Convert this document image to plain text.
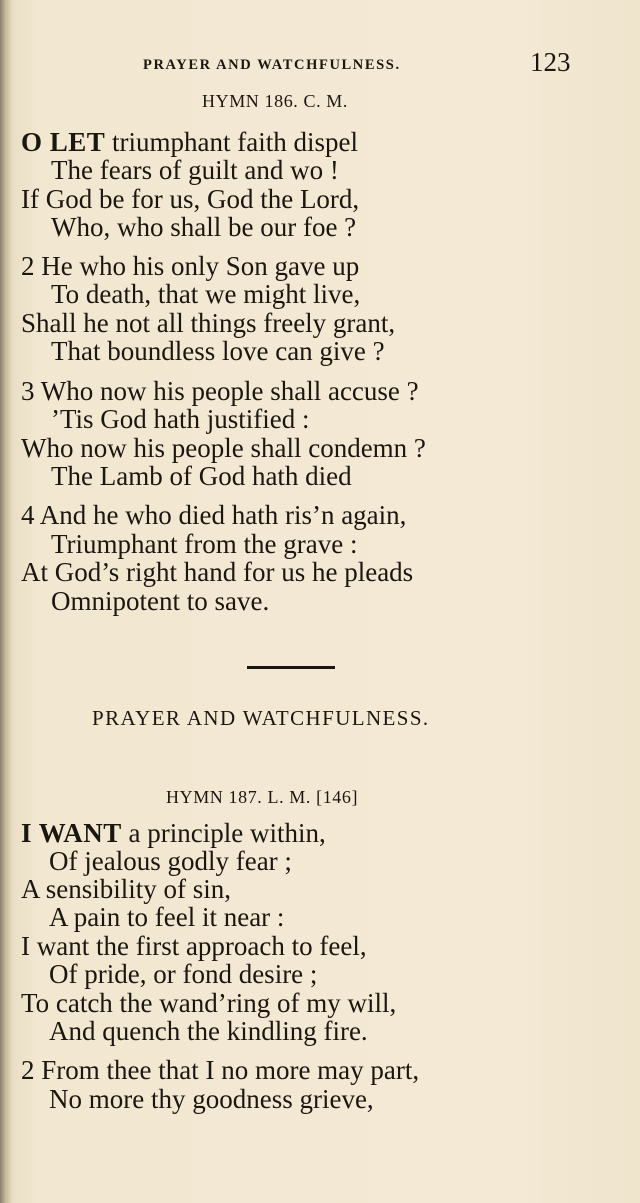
PRAYER AND WATCHFULNESS.	123
HYMN 186. C. M.
O LET triumphant faith dispel
The fears of guilt and wo !
If God be for us, God the Lord,
Who, who shall be our foe ?
2 He who his only Son gave up
To death, that we might live,
Shall he not all things freely grant,
That boundless love can give ?
3 Who now his people shall accuse ?
’Tis God hath justified :
Who now his people shall condemn ?
The Lamb of God hath died
4 And he who died hath ris’n again,
Triumphant from the grave :
At God’s right hand for us he pleads
Omnipotent to save.
PRAYER AND WATCHFULNESS.
HYMN 187. L. M. [146]
I WANT a principle within,
Of jealous godly fear ;
A sensibility of sin,
A pain to feel it near :
I want the first approach to feel,
Of pride, or fond desire ;
To catch the wand’ring of my will,
And quench the kindling fire.
2 From thee that I no more may part,
No more thy goodness grieve,
